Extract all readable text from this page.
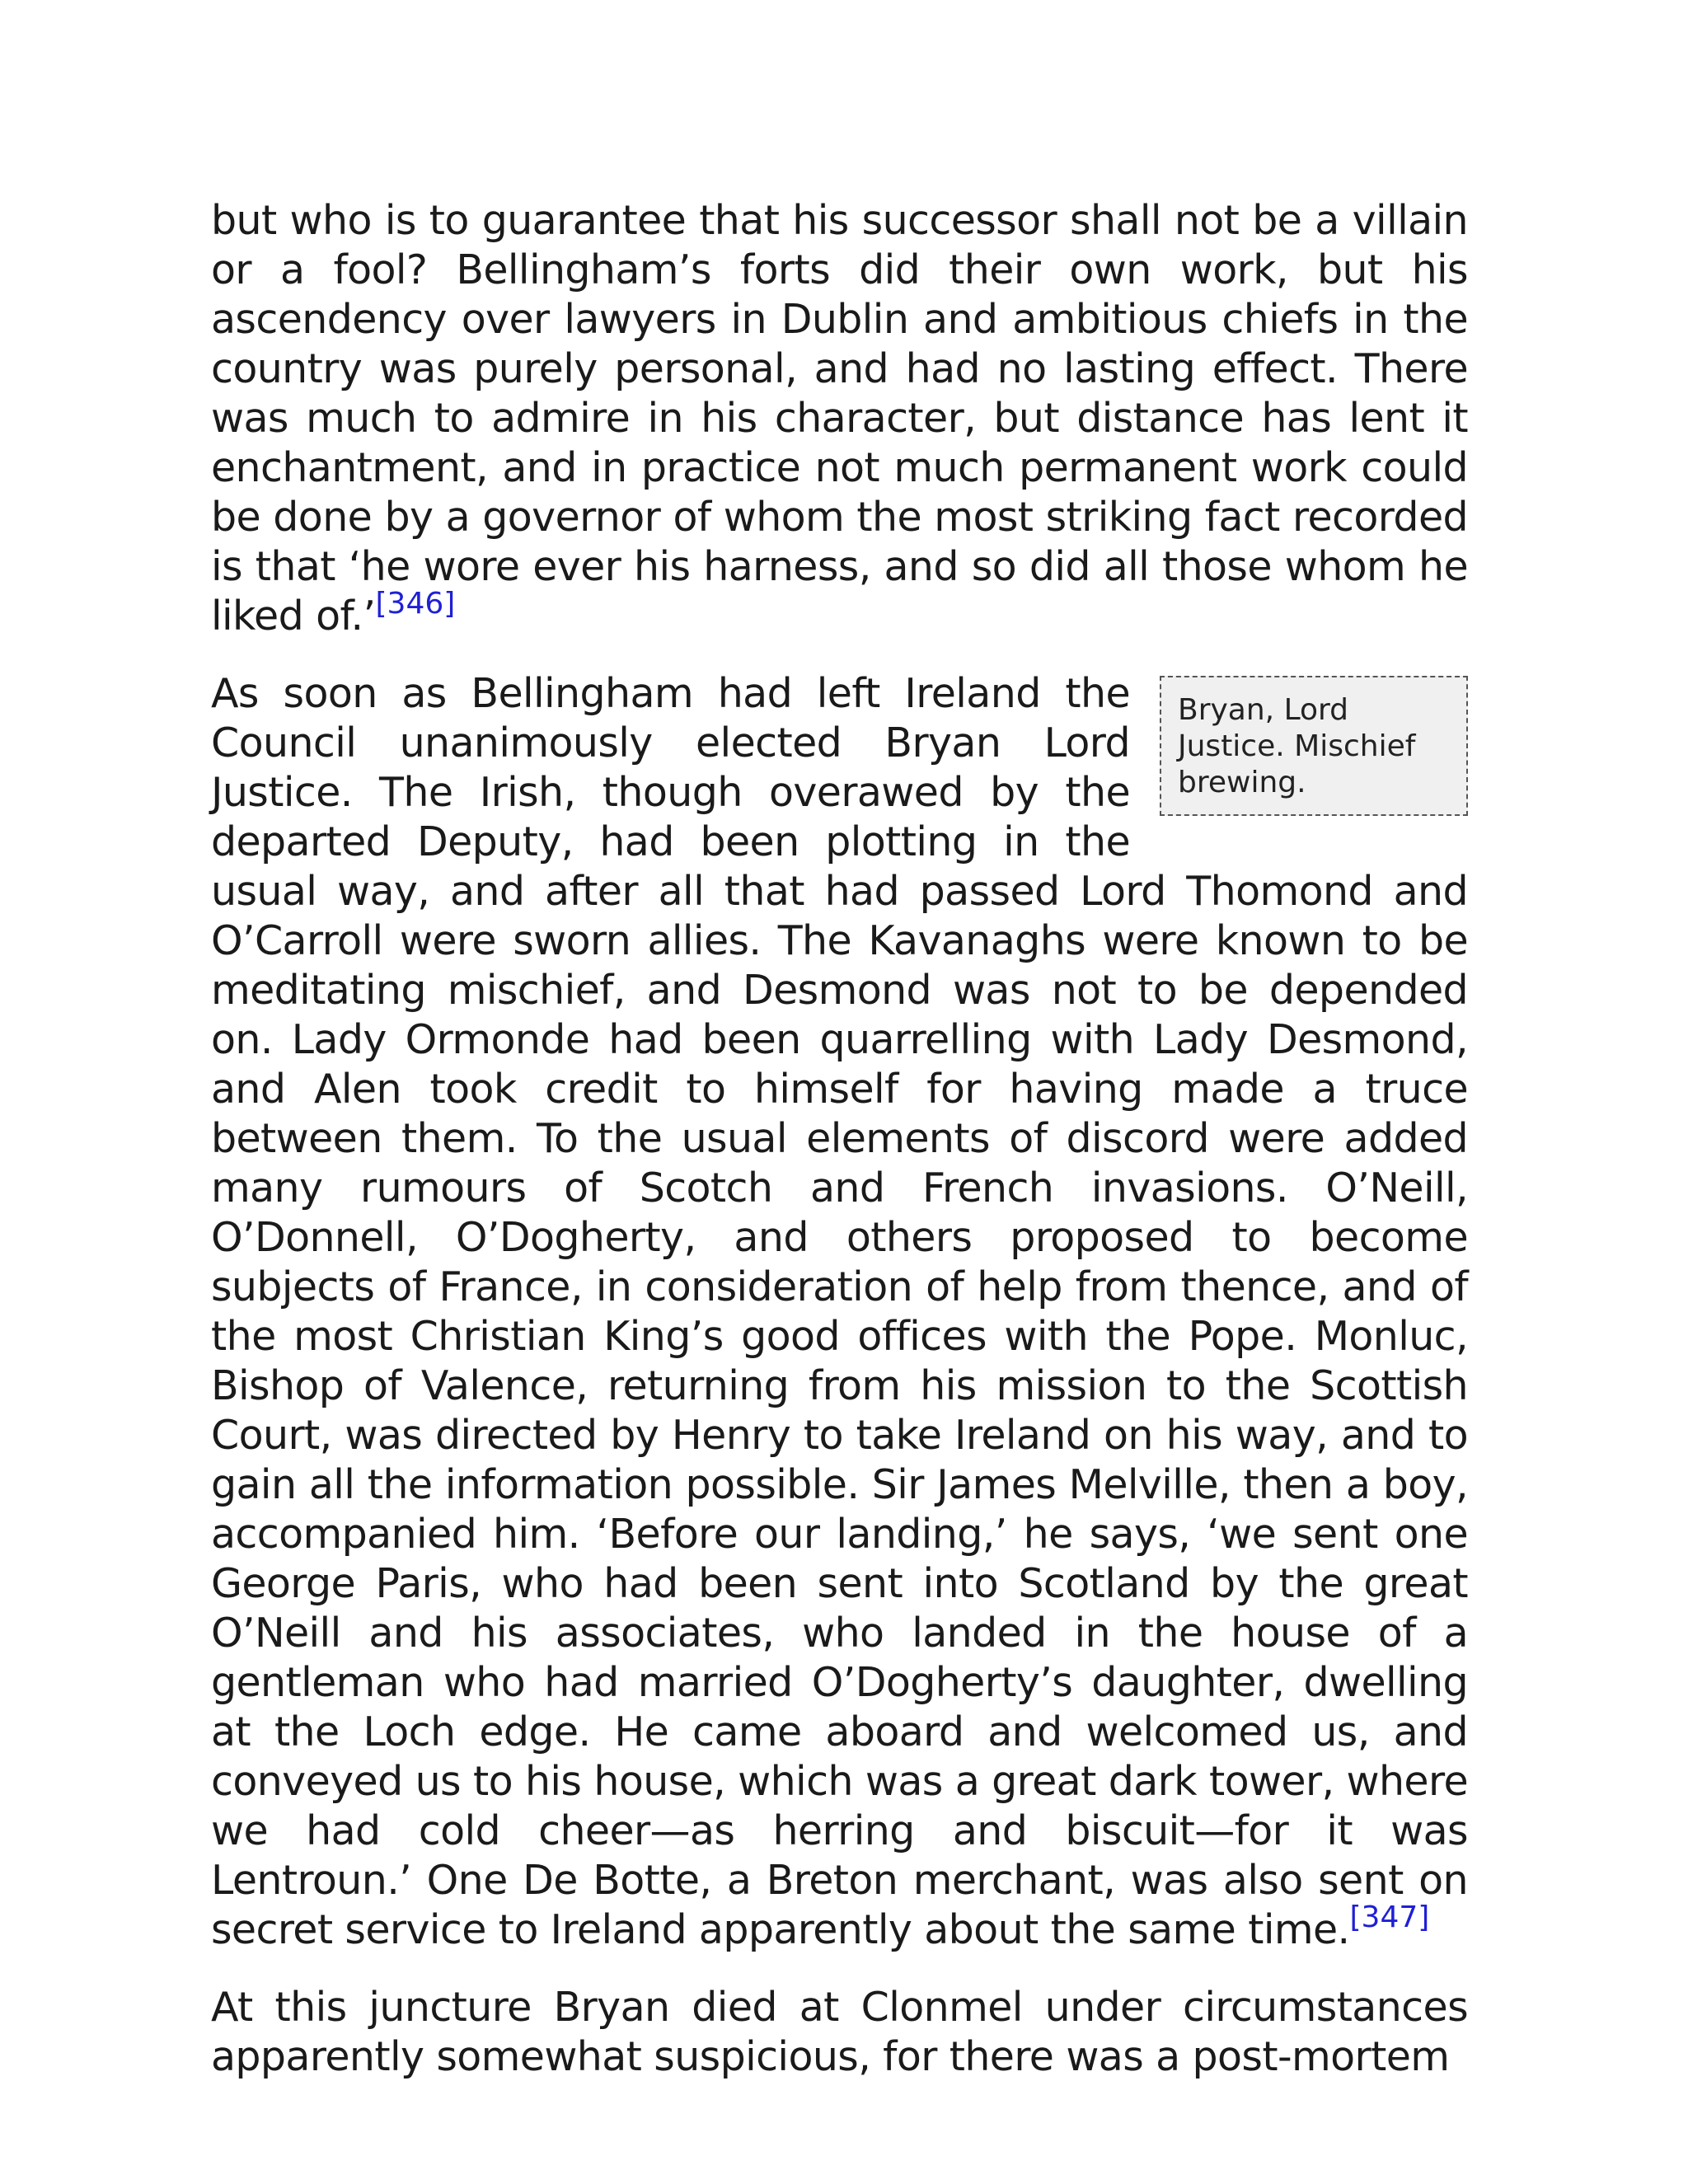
but who is to guarantee that his successor shall not be a villain or a fool? Bellingham’s forts did their own work, but his ascendency over lawyers in Dublin and ambitious chiefs in the country was purely personal, and had no lasting effect. There was much to admire in his character, but distance has lent it enchantment, and in practice not much permanent work could be done by a governor of whom the most striking fact recorded is that ‘he wore ever his harness, and so did all those whom he liked of.’[346]

Bryan, Lord Justice. Mischief brewing.
As soon as Bellingham had left Ireland the Council unanimously elected Bryan Lord Justice. The Irish, though overawed by the departed Deputy, had been plotting in the usual way, and after all that had passed Lord Thomond and O’Carroll were sworn allies. The Kavanaghs were known to be meditating mischief, and Desmond was not to be depended on. Lady Ormonde had been quarrelling with Lady Desmond, and Alen took credit to himself for having made a truce between them. To the usual elements of discord were added many rumours of Scotch and French invasions. O’Neill, O’Donnell, O’Dogherty, and others proposed to become subjects of France, in consideration of help from thence, and of the most Christian King’s good offices with the Pope. Monluc, Bishop of Valence, returning from his mission to the Scottish Court, was directed by Henry to take Ireland on his way, and to gain all the information possible. Sir James Melville, then a boy, accompanied him. ‘Before our landing,’ he says, ‘we sent one George Paris, who had been sent into Scotland by the great O’Neill and his associates, who landed in the house of a gentleman who had married O’Dogherty’s daughter, dwelling at the Loch edge. He came aboard and welcomed us, and conveyed us to his house, which was a great dark tower, where we had cold cheer—as herring and biscuit—for it was Lentroun.’ One De Botte, a Breton merchant, was also sent on secret service to Ireland apparently about the same time.[347]

At this juncture Bryan died at Clonmel under circumstances apparently somewhat suspicious, for there was a post-mortem
